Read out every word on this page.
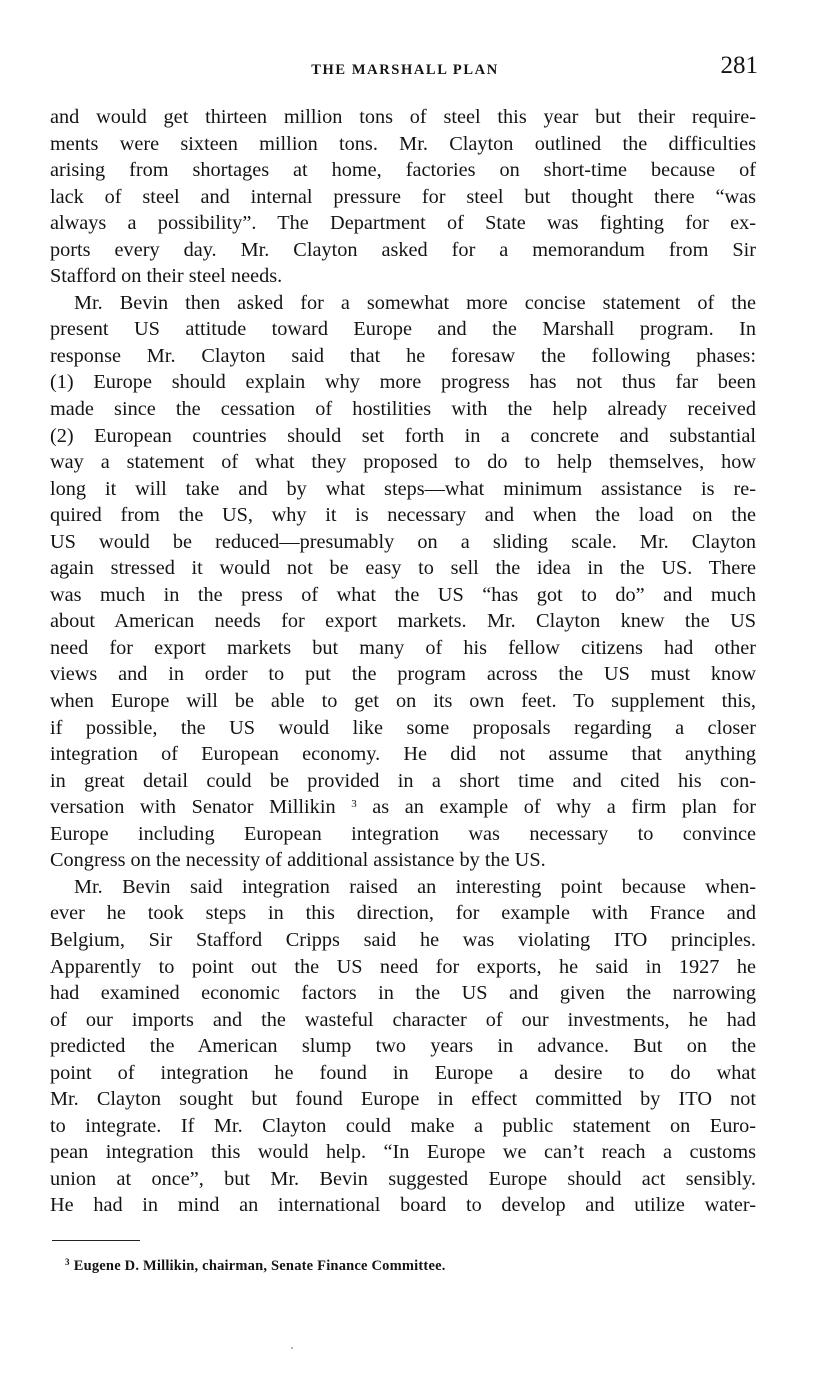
THE MARSHALL PLAN	281

and would get thirteen million tons of steel this year but their require-
ments were sixteen million tons. Mr. Clayton outlined the difficulties
arising from shortages at home, factories on short-time because of
lack of steel and internal pressure for steel but thought there “was
always a possibility”. The Department of State was fighting for ex-
ports every day. Mr. Clayton asked for a memorandum from Sir
Stafford on their steel needs.

Mr. Bevin then asked for a somewhat more concise statement of the
present US attitude toward Europe and the Marshall program. In
response Mr. Clayton said that he foresaw the following phases:
(1) Europe should explain why more progress has not thus far been
made since the cessation of hostilities with the help already received
(2) European countries should set forth in a concrete and substantial
way a statement of what they proposed to do to help themselves, how
long it will take and by what steps—what minimum assistance is re-
quired from the US, why it is necessary and when the load on the
US would be reduced—presumably on a sliding scale. Mr. Clayton
again stressed it would not be easy to sell the idea in the US. There
was much in the press of what the US “has got to do” and much
about American needs for export markets. Mr. Clayton knew the US
need for export markets but many of his fellow citizens had other
views and in order to put the program across the US must know
when Europe will be able to get on its own feet. To supplement this,
if possible, the US would like some proposals regarding a closer
integration of European economy. He did not assume that anything
in great detail could be provided in a short time and cited his con-
versation with Senator Millikin $^3$ as an example of why a firm plan for
Europe including European integration was necessary to convince
Congress on the necessity of additional assistance by the US.

Mr. Bevin said integration raised an interesting point because when-
ever he took steps in this direction, for example with France and
Belgium, Sir Stafford Cripps said he was violating ITO principles.
Apparently to point out the US need for exports, he said in 1927 he
had examined economic factors in the US and given the narrowing
of our imports and the wasteful character of our investments, he had
predicted the American slump two years in advance. But on the
point of integration he found in Europe a desire to do what
Mr. Clayton sought but found Europe in effect committed by ITO not
to integrate. If Mr. Clayton could make a public statement on Euro-
pean integration this would help. “In Europe we can’t reach a customs
union at once”, but Mr. Bevin suggested Europe should act sensibly.
He had in mind an international board to develop and utilize water-

$^3$ Eugene D. Millikin, chairman, Senate Finance Committee.
